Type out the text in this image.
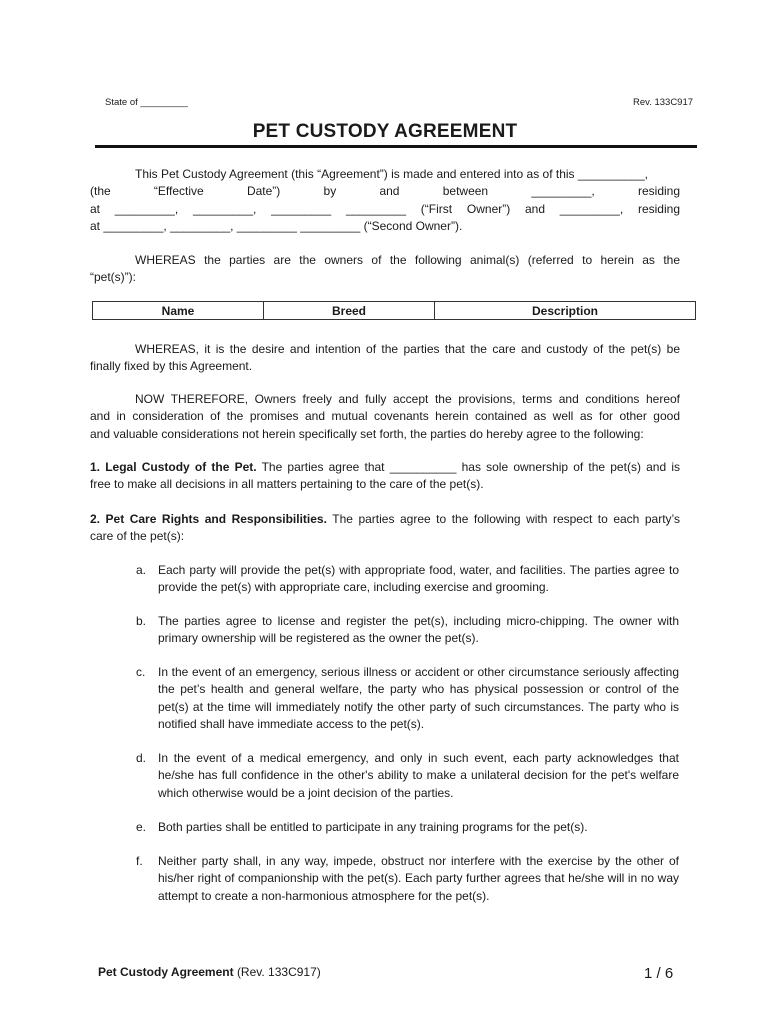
State of _________	Rev. 133C917
PET CUSTODY AGREEMENT
This Pet Custody Agreement (this “Agreement”) is made and entered into as of this __________,
(the “Effective Date”) by and between _________, residing
at _________, _________, _________ _________ (“First Owner”) and _________, residing
at _________, _________, _________ _________ (“Second Owner”).
WHEREAS the parties are the owners of the following animal(s) (referred to herein as the
“pet(s)”):
Name	Breed	Description
WHEREAS, it is the desire and intention of the parties that the care and custody of the pet(s) be
finally fixed by this Agreement.
NOW THEREFORE, Owners freely and fully accept the provisions, terms and conditions hereof
and in consideration of the promises and mutual covenants herein contained as well as for other good
and valuable considerations not herein specifically set forth, the parties do hereby agree to the following:
1. Legal Custody of the Pet. The parties agree that __________ has sole ownership of the pet(s) and is
free to make all decisions in all matters pertaining to the care of the pet(s).
2. Pet Care Rights and Responsibilities. The parties agree to the following with respect to each party’s
care of the pet(s):
a. Each party will provide the pet(s) with appropriate food, water, and facilities. The parties agree to provide the pet(s) with appropriate care, including exercise and grooming.
b. The parties agree to license and register the pet(s), including micro-chipping. The owner with primary ownership will be registered as the owner the pet(s).
c. In the event of an emergency, serious illness or accident or other circumstance seriously affecting the pet’s health and general welfare, the party who has physical possession or control of the pet(s) at the time will immediately notify the other party of such circumstances. The party who is notified shall have immediate access to the pet(s).
d. In the event of a medical emergency, and only in such event, each party acknowledges that he/she has full confidence in the other's ability to make a unilateral decision for the pet's welfare which otherwise would be a joint decision of the parties.
e. Both parties shall be entitled to participate in any training programs for the pet(s).
f. Neither party shall, in any way, impede, obstruct nor interfere with the exercise by the other of his/her right of companionship with the pet(s). Each party further agrees that he/she will in no way attempt to create a non-harmonious atmosphere for the pet(s).
Pet Custody Agreement (Rev. 133C917)	1 / 6
